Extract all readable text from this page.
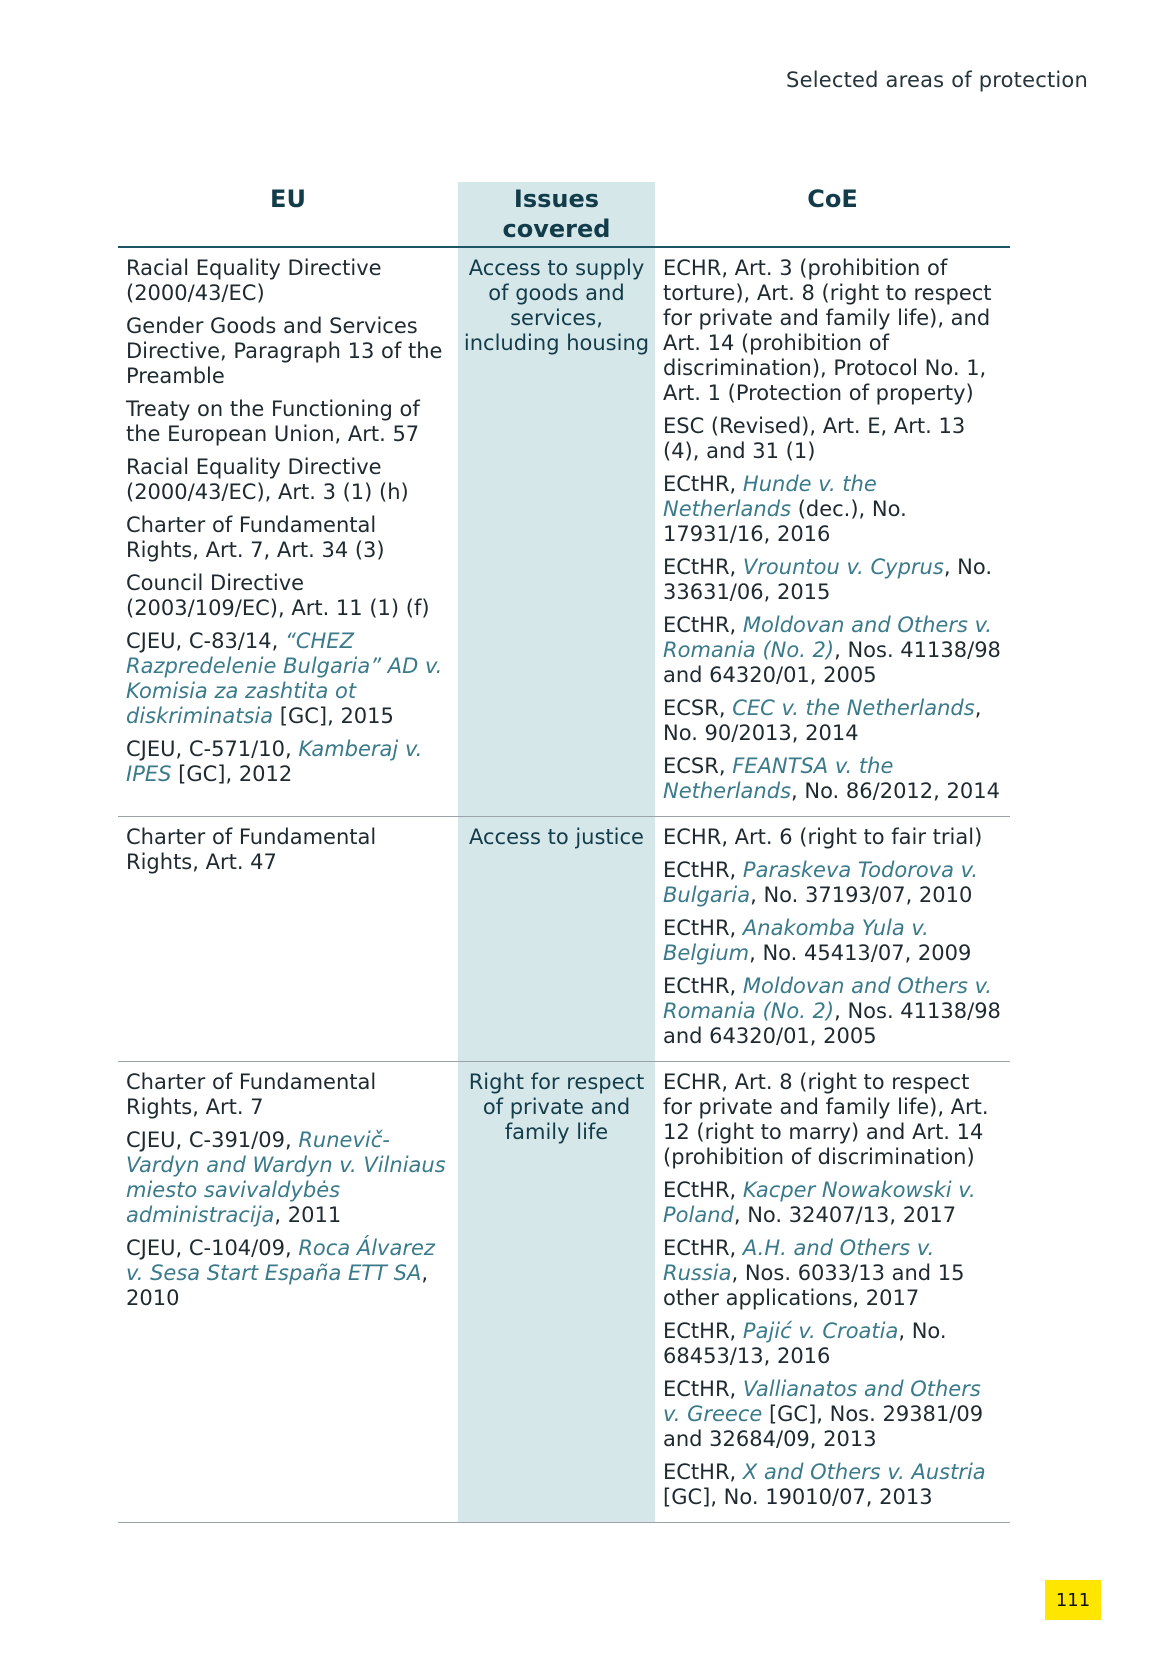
Selected areas of protection
EU	Issues covered
CoE
Racial Equality Directive (2000/43/EC)
Gender Goods and Services Directive, Paragraph 13 of the Preamble
Treaty on the Functioning of the European Union, Art. 57
Racial Equality Directive (2000/43/EC), Art. 3 (1) (h)
Charter of Fundamental Rights, Art. 7, Art. 34 (3)
Council Directive (2003/109/EC), Art. 11 (1) (f)
CJEU, C-83/14, “CHEZ Razpredelenie Bulgaria” AD v. Komisia za zashtita ot diskriminatsia [GC], 2015
CJEU, C-571/10, Kamberaj v. IPES [GC], 2012
Access to supply of goods and services, including housing
ECHR, Art. 3 (prohibition of torture), Art. 8 (right to respect for private and family life), and Art. 14 (prohibition of discrimination), Protocol No. 1, Art. 1 (Protection of property)
ESC (Revised), Art. E, Art. 13 (4), and 31 (1)
ECtHR, Hunde v. the Netherlands (dec.), No. 17931/16, 2016
ECtHR, Vrountou v. Cyprus, No. 33631/06, 2015
ECtHR, Moldovan and Others v. Romania (No. 2), Nos. 41138/98 and 64320/01, 2005
ECSR, CEC v. the Netherlands, No. 90/2013, 2014
ECSR, FEANTSA v. the Netherlands, No. 86/2012, 2014
Charter of Fundamental Rights, Art. 47
Access to justice ECHR, Art. 6 (right to fair trial)
ECtHR, Paraskeva Todorova v. Bulgaria, No. 37193/07, 2010
ECtHR, Anakomba Yula v. Belgium, No. 45413/07, 2009
ECtHR, Moldovan and Others v. Romania (No. 2), Nos. 41138/98 and 64320/01, 2005
Charter of Fundamental Rights, Art. 7
CJEU, C-391/09, Runevič-Vardyn and Wardyn v. Vilniaus miesto savivaldybės administracija, 2011
CJEU, C-104/09, Roca Álvarez v. Sesa Start España ETT SA, 2010
Right for respect of private and family life
ECHR, Art. 8 (right to respect for private and family life), Art. 12 (right to marry) and Art. 14 (prohibition of discrimination)
ECtHR, Kacper Nowakowski v. Poland, No. 32407/13, 2017
ECtHR, A.H. and Others v. Russia, Nos. 6033/13 and 15 other applications, 2017
ECtHR, Pajić v. Croatia, No. 68453/13, 2016
ECtHR, Vallianatos and Others v. Greece [GC], Nos. 29381/09 and 32684/09, 2013
ECtHR, X and Others v. Austria [GC], No. 19010/07, 2013
111
